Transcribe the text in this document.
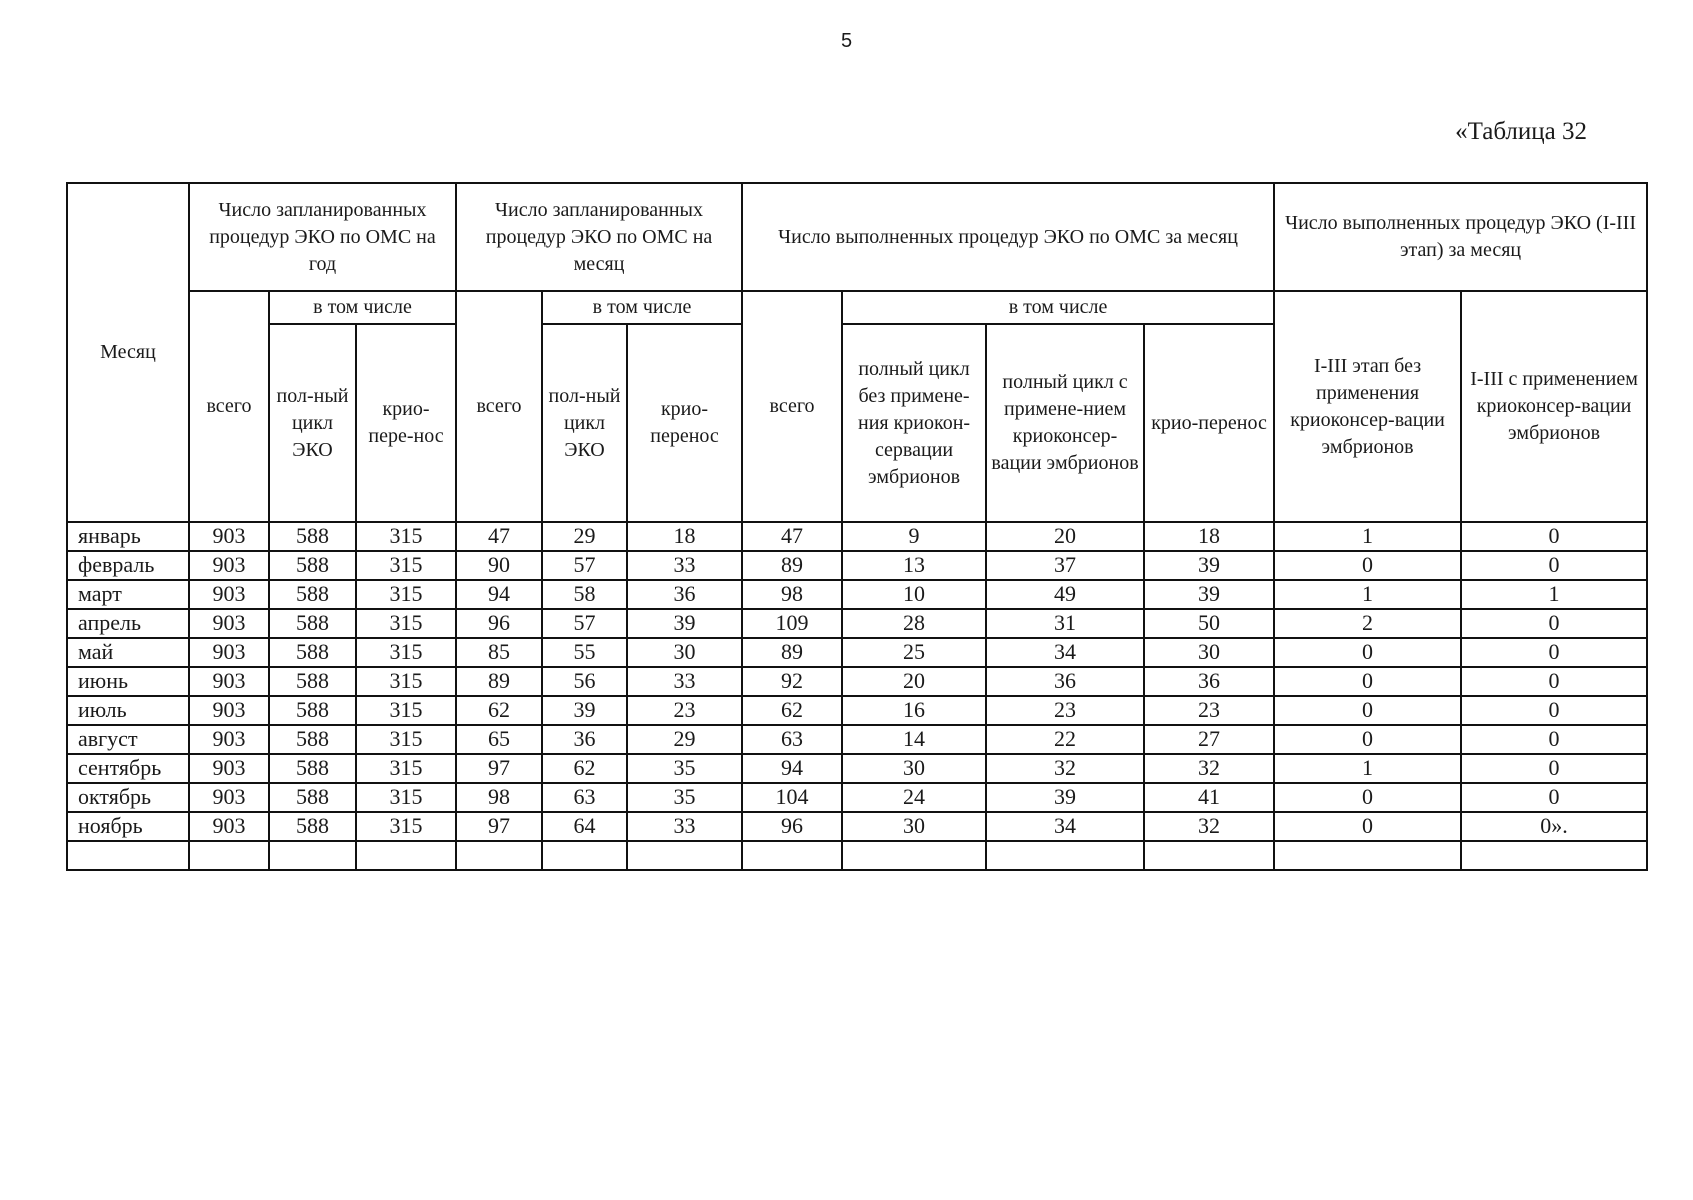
5
«Таблица 32
Месяц	Число запланированных процедур ЭКО по ОМС на год			Число запланированных процедур ЭКО по ОМС на месяц			Число выполненных процедур ЭКО по ОМС за месяц				Число выполненных процедур ЭКО (I-III этап) за месяц	
	всего	в том числе		всего	в том числе		всего	в том числе			I-III этап без применения криоконсер-вации эмбрионов	I-III с применением криоконсер-вации эмбрионов
		пол-ный цикл ЭКО	крио-пере-нос		пол-ный цикл ЭКО	крио-перенос		полный цикл без примене-ния криокон-сервации эмбрионов	полный цикл с примене-нием криоконсер-вации эмбрионов	крио-перенос		
январь	903	588	315	47	29	18	47	9	20	18	1	0
февраль	903	588	315	90	57	33	89	13	37	39	0	0
март	903	588	315	94	58	36	98	10	49	39	1	1
апрель	903	588	315	96	57	39	109	28	31	50	2	0
май	903	588	315	85	55	30	89	25	34	30	0	0
июнь	903	588	315	89	56	33	92	20	36	36	0	0
июль	903	588	315	62	39	23	62	16	23	23	0	0
август	903	588	315	65	36	29	63	14	22	27	0	0
сентябрь	903	588	315	97	62	35	94	30	32	32	1	0
октябрь	903	588	315	98	63	35	104	24	39	41	0	0
ноябрь	903	588	315	97	64	33	96	30	34	32	0	0».
